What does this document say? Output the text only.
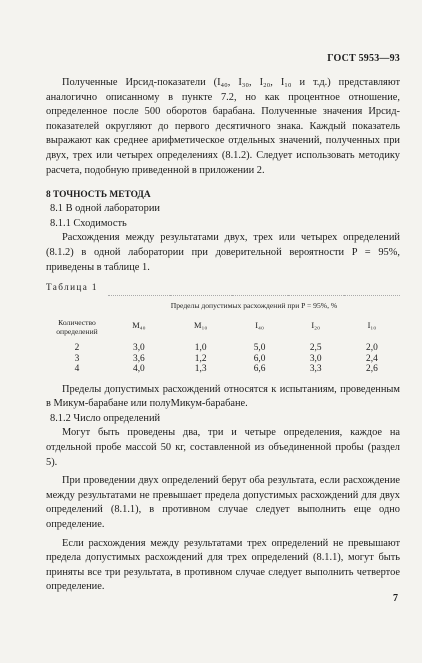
ГОСТ 5953—93

Полученные Ирсид-показатели (I₄₀, I₃₀, I₂₀, I₁₀ и т.д.) представляют аналогично описанному в пункте 7.2, но как процентное отношение, определенное после 500 оборотов барабана. Полученные значения Ирсид-показателей округляют до первого десятичного знака. Каждый показатель выражают как среднее арифметическое отдельных значений, полученных при двух, трех или четырех определениях (8.1.2). Следует использовать методику расчета, подобную приведенной в приложении 2.

8 ТОЧНОСТЬ МЕТОДА

8.1 В одной лаборатории

8.1.1 Сходимость

Расхождения между результатами двух, трех или четырех определений (8.1.2) в одной лаборатории при доверительной вероятности P = 95%, приведены в таблице 1.

Таблица 1

Количество определений	Пределы допустимых расхождений при P = 95%, %				
	M₄₀	M₁₀	I₄₀	I₂₀	I₁₀
2	3,0	1,0	5,0	2,5	2,0
3	3,6	1,2	6,0	3,0	2,4
4	4,0	1,3	6,6	3,3	2,6

Пределы допустимых расхождений относятся к испытаниям, проведенным в Микум-барабане или полуМикум-барабане.

8.1.2 Число определений

Могут быть проведены два, три и четыре определения, каждое на отдельной пробе массой 50 кг, составленной из объединенной пробы (раздел 5).

При проведении двух определений берут оба результата, если расхождение между результатами не превышает предела допустимых расхождений для двух определений (8.1.1), в противном случае следует выполнить еще одно определение.

Если расхождения между результатами трех определений не превышают предела допустимых расхождений для трех определений (8.1.1), могут быть приняты все три результата, в противном случае следует выполнить четвертое определение.

7
